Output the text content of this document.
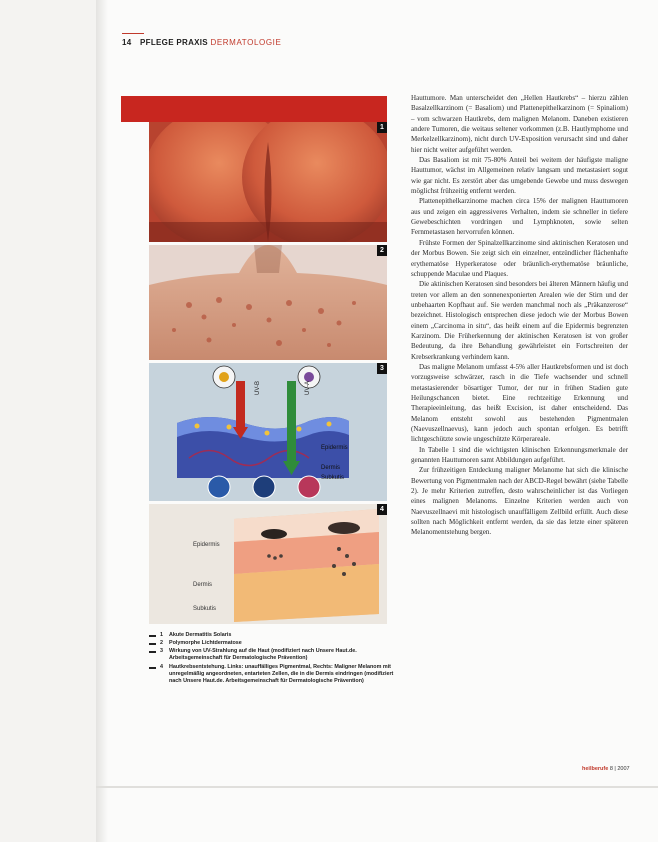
14 PFLEGE PRAXIS DERMATOLOGIE
1
2
UV-B	UV-A
Epidermis
Dermis
Subkutis
3
Epidermis
Dermis
Subkutis
4
1 Akute Dermatitis Solaris
2 Polymorphe Lichtdermatose
3 Wirkung von UV-Strahlung auf die Haut (modifiziert nach Unsere Haut.de. Arbeitsgemeinschaft für Dermatologische Prävention)
4 Hautkrebsentstehung. Links: unauffälliges Pigmentmal, Rechts: Maligner Melanom mit unregelmäßig angeordneten, entarteten Zellen, die in die Dermis eindringen (modifiziert nach Unsere Haut.de. Arbeitsgemeinschaft für Dermatologische Prävention)

Hauttumore. Man unterscheidet den „Hellen Hautkrebs“ – hierzu zählen Basalzellkarzinom (= Basaliom) und Plattenepithelkarzinom (= Spinaliom) – vom schwarzen Hautkrebs, dem malignen Melanom. Daneben existieren andere Tumoren, die weitaus seltener vorkommen (z.B. Hautlymphome und Merkelzellkarzinom), nicht durch UV-Exposition verursacht sind und daher hier nicht weiter aufgeführt werden.

Das Basaliom ist mit 75-80% Anteil bei weitem der häufigste maligne Hauttumor, wächst im Allgemeinen relativ langsam und metastasiert sogut wie gar nicht. Es zerstört aber das umgebende Gewebe und muss deswegen möglichst frühzeitig entfernt werden.

Plattenepithelkarzinome machen circa 15% der malignen Hauttumoren aus und zeigen ein aggressiveres Verhalten, indem sie schneller in tiefere Gewebeschichten vordringen und Lymphknoten, sowie selten Fernmetastasen hervorrufen können.

Frühste Formen der Spinalzellkarzinome sind aktinischen Keratosen und der Morbus Bowen. Sie zeigt sich ein einzelner, entzündlicher flächenhafte erythematöse Hyperkeratose oder bräunlich-erythematöse bräunliche, schuppende Maculae und Plaques.

Die aktinischen Keratosen sind besonders bei älteren Männern häufig und treten vor allem an den sonnenexponierten Arealen wie der Stirn und der unbehaarten Kopfhaut auf. Sie werden manchmal noch als „Präkanzerose“ bezeichnet. Histologisch entsprechen diese jedoch wie der Morbus Bowen einem „Carcinoma in situ“, das heißt einem auf die Epidermis begrenzten Karzinom. Die Früherkennung der aktinischen Keratosen ist von großer Bedeutung, da ihre Behandlung gewährleistet ein Fortschreiten der Krebserkrankung verhindern kann.

Das maligne Melanom umfasst 4-5% aller Hautkrebsformen und ist doch vorzugsweise schwärzer, rasch in die Tiefe wachsender und schnell metastasierender bösartiger Tumor, der nur in frühen Stadien gute Heilungschancen bietet. Eine rechtzeitige Erkennung und Therapieeinleitung, das heißt Excision, ist daher entscheidend. Das Melanom entsteht sowohl aus bestehenden Pigmentmalen (Naevuszellnaevus), kann jedoch auch spontan erfolgen. Es betrifft lichtgeschützte sowie ungeschützte Körperareale.

In Tabelle 1 sind die wichtigsten klinischen Erkennungsmerkmale der genannten Hauttumoren samt Abbildungen aufgeführt.

Zur frühzeitigen Entdeckung maligner Melanome hat sich die klinische Bewertung von Pigmentmalen nach der ABCD-Regel bewährt (siehe Tabelle 2). Je mehr Kriterien zutreffen, desto wahrscheinlicher ist das Vorliegen eines malignen Melanoms. Einzelne Kriterien werden auch von Naevuszellnaevi mit histologisch unauffälligem Zellbild erfüllt. Auch diese sollten nach Möglichkeit entfernt werden, da sie das letzte einer späteren Melanomentstehung bergen.

heilberufe 8 | 2007
